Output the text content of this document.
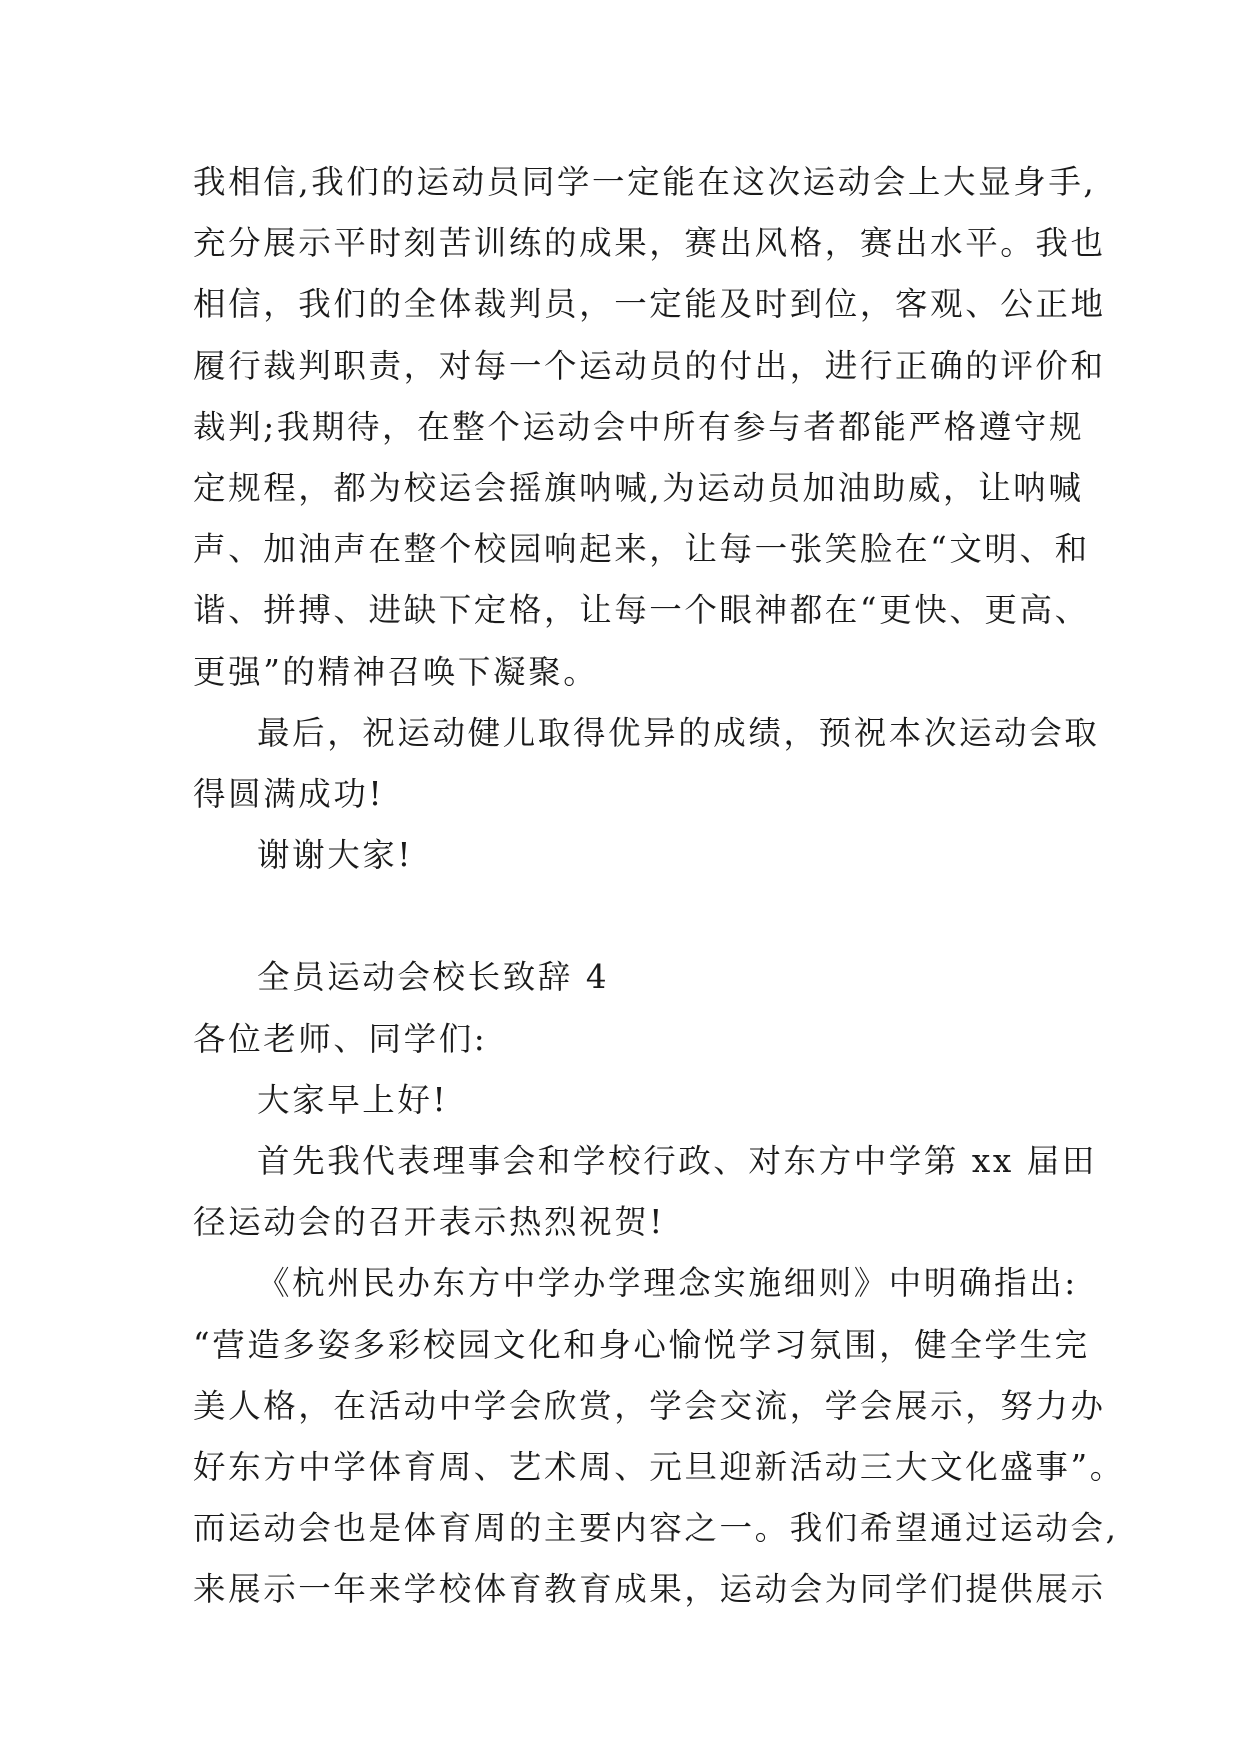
我相信,我们的运动员同学一定能在这次运动会上大显身手,
充分展示平时刻苦训练的成果，赛出风格，赛出水平。我也
相信，我们的全体裁判员，一定能及时到位，客观、公正地
履行裁判职责，对每一个运动员的付出，进行正确的评价和
裁判;我期待，在整个运动会中所有参与者都能严格遵守规
定规程，都为校运会摇旗呐喊,为运动员加油助威，让呐喊
声、加油声在整个校园响起来，让每一张笑脸在“文明、和
谐、拼搏、进缺下定格，让每一个眼神都在“更快、更高、
更强”的精神召唤下凝聚。
最后，祝运动健儿取得优异的成绩，预祝本次运动会取
得圆满成功!
谢谢大家!
全员运动会校长致辞 4
各位老师、同学们:
大家早上好!
首先我代表理事会和学校行政、对东方中学第 xx 届田
径运动会的召开表示热烈祝贺!
《杭州民办东方中学办学理念实施细则》中明确指出:
“营造多姿多彩校园文化和身心愉悦学习氛围，健全学生完
美人格，在活动中学会欣赏，学会交流，学会展示，努力办
好东方中学体育周、艺术周、元旦迎新活动三大文化盛事”。
而运动会也是体育周的主要内容之一。我们希望通过运动会,
来展示一年来学校体育教育成果，运动会为同学们提供展示
